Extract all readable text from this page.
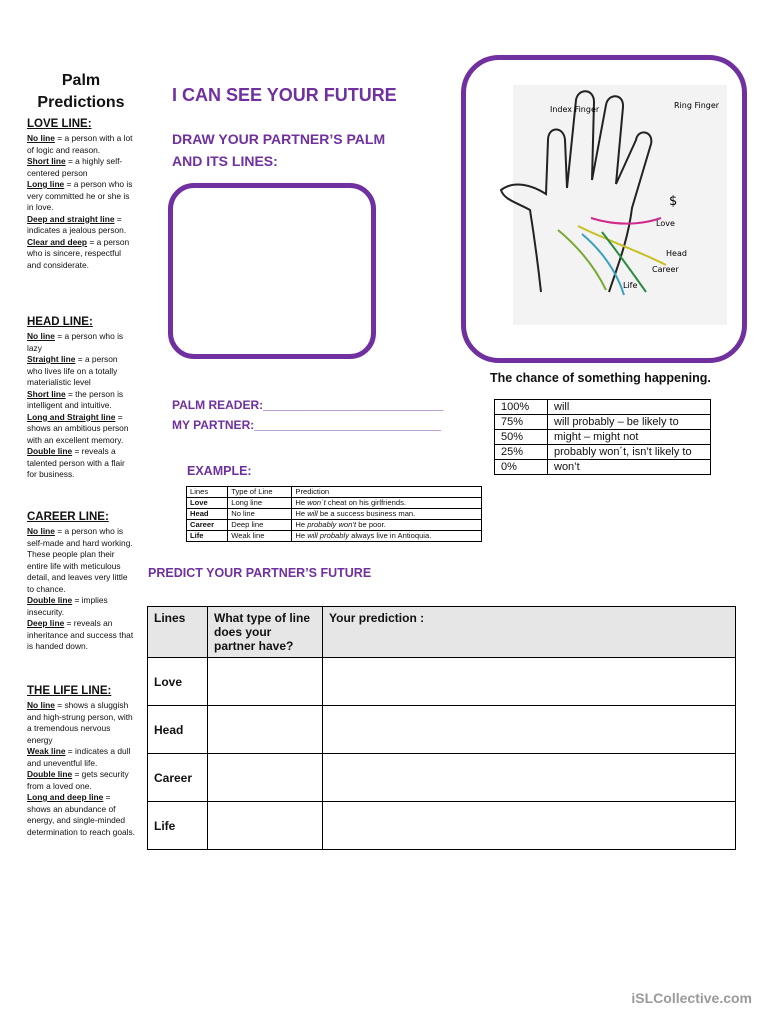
Palm Predictions
LOVE LINE:

No line = a person with a lot of logic and reason.

Short line = a highly self-centered person

Long line = a person who is very committed he or she is in love.

Deep and straight line = indicates a jealous person.

Clear and deep = a person who is sincere, respectful and considerate.

HEAD LINE:

No line = a person who is lazy

Straight line = a person who lives life on a totally materialistic level

Short line = the person is intelligent and intuitive.

Long and Straight line = shows an ambitious person with an excellent memory.

Double line = reveals a talented person with a flair for business.

CAREER LINE:

No line = a person who is self-made and hard working. These people plan their entire life with meticulous detail, and leaves very little to chance.

Double line = implies insecurity.

Deep line = reveals an inheritance and success that is handed down.

THE LIFE LINE:

No line = shows a sluggish and high-strung person, with a tremendous nervous energy

Weak line = indicates a dull and uneventful life.

Double line = gets security from a loved one.

Long and deep line = shows an abundance of energy, and single-minded determination to reach goals.

I CAN SEE YOUR FUTURE
DRAW YOUR PARTNER’S PALM
AND ITS LINES:
Index Finger	Ring Finger
Love
Head
Career
Life
$
PALM READER:___________________________
MY PARTNER:____________________________
EXAMPLE:
Lines	Type of Line	Prediction
Love	Long line	He won´t cheat on his girlfriends.
Head	No line	He will be a success business man.
Career	Deep line	He probably won’t be poor.
Life	Weak line	He will probably always live in Antioquia.
The chance of something happening.
100%	will
75%	will probably – be likely to
50%	might – might not
25%	probably won´t, isn’t likely to
0%	won’t
PREDICT YOUR PARTNER’S FUTURE
Lines	What type of line does your partner have?	Your prediction :
Love		
Head		
Career		
Life		
iSLCollective.com
